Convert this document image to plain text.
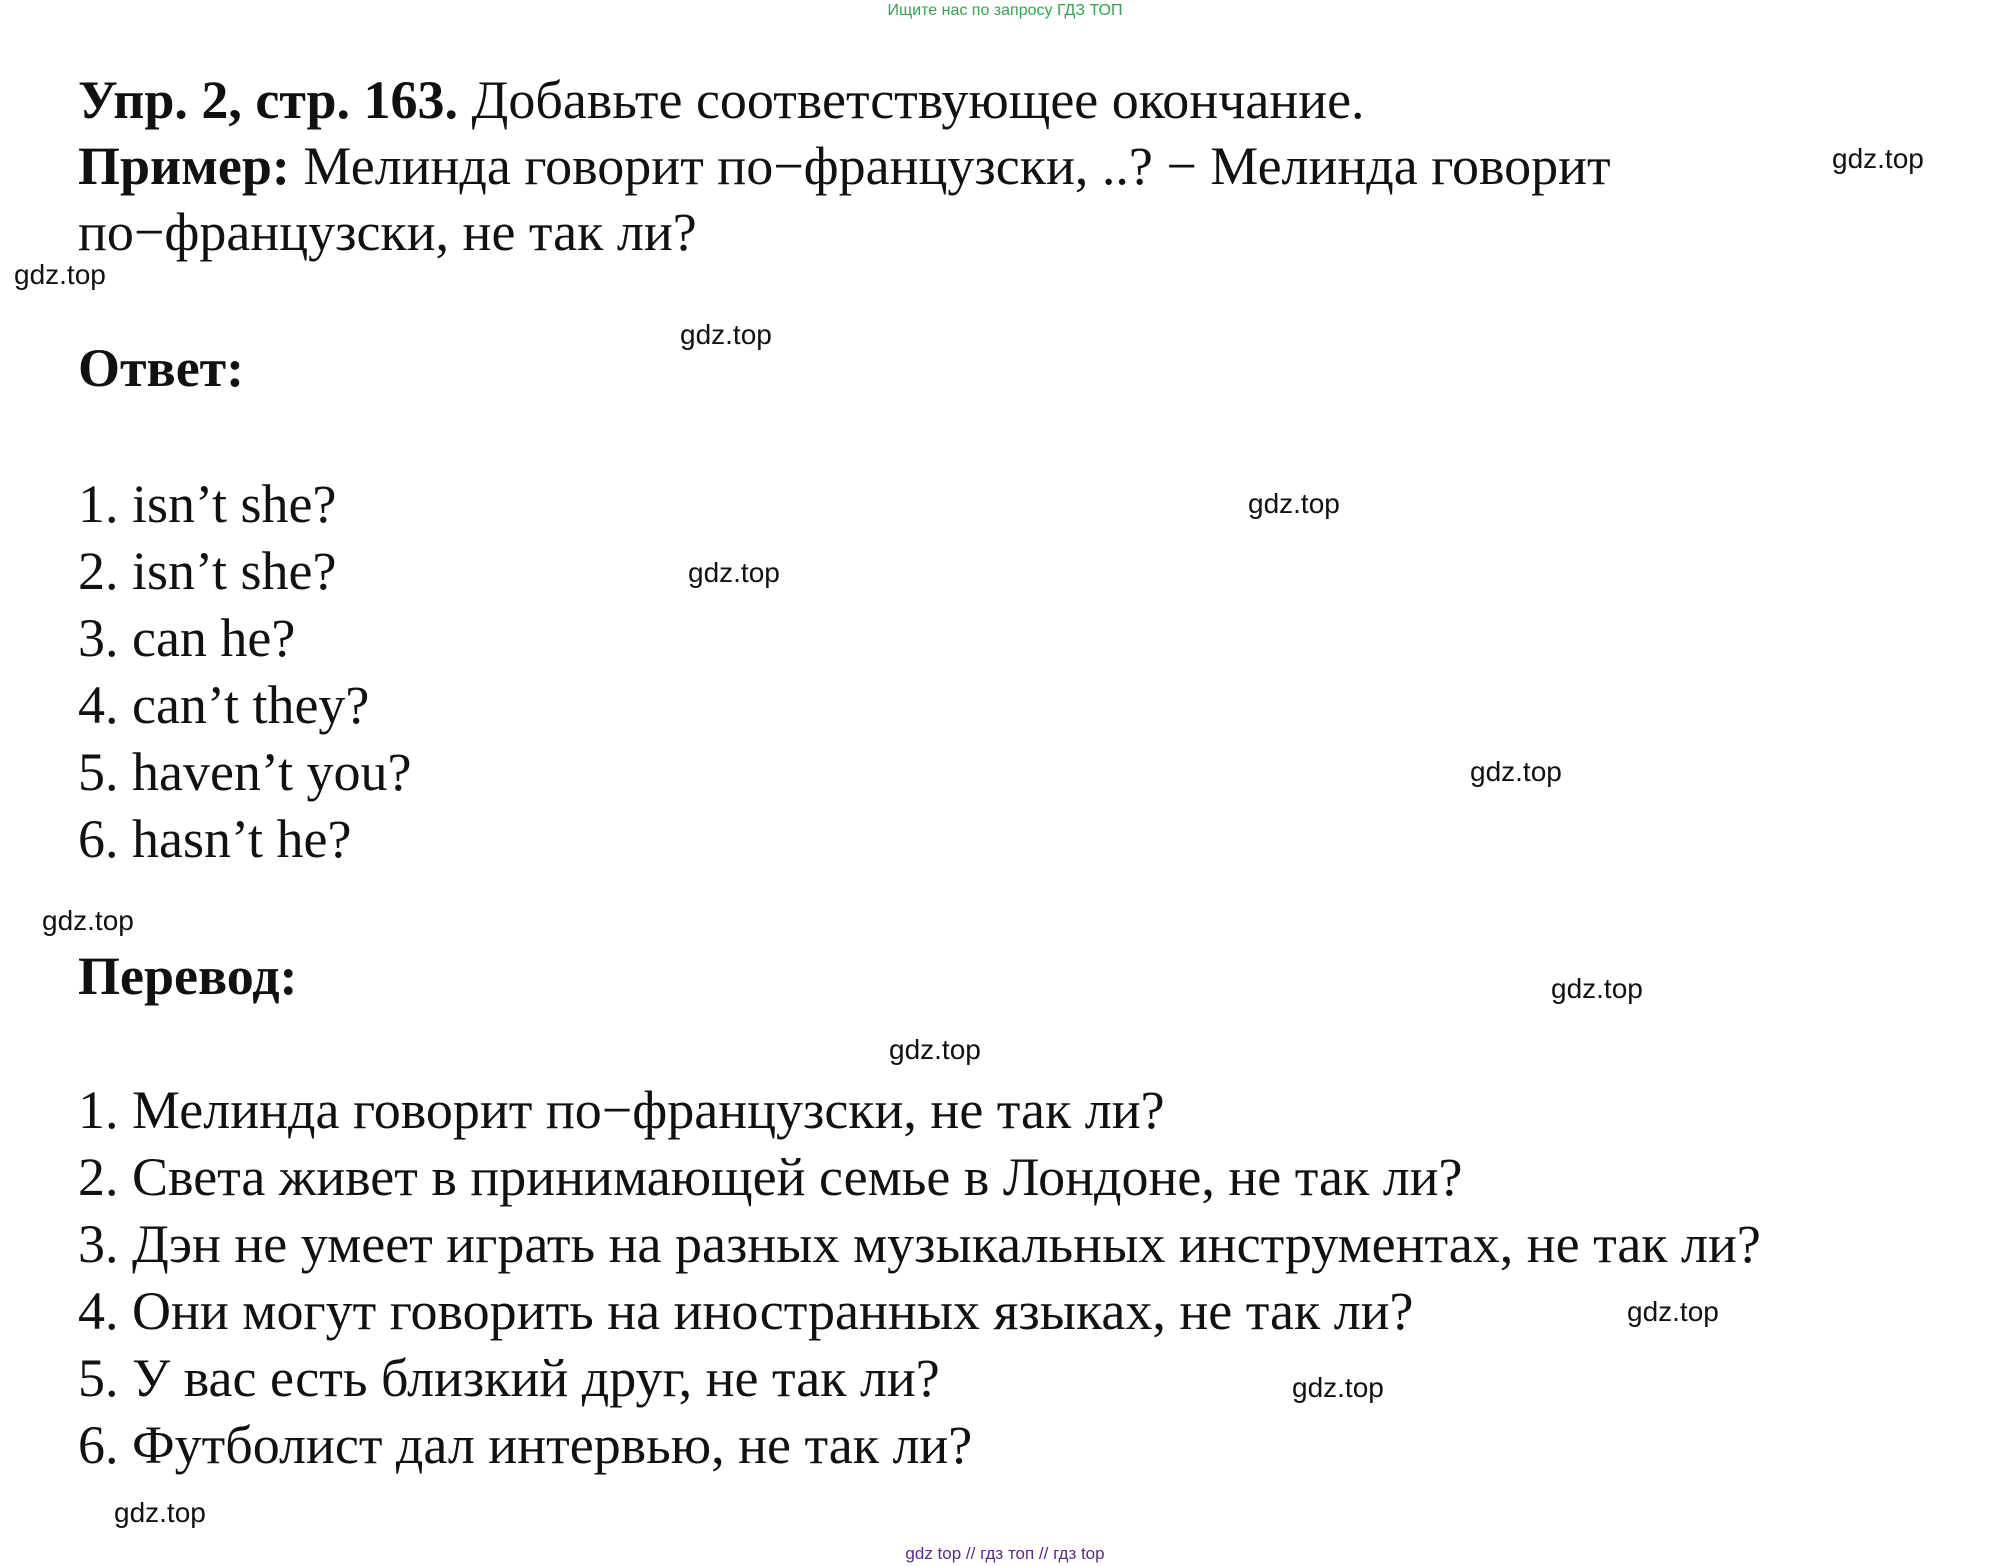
Ищите нас по запросу ГДЗ ТОП
Упр. 2, стр. 163. Добавьте соответствующее окончание.
Пример: Мелинда говорит по−французски, ..? − Мелинда говорит
по−французски, не так ли?
Ответ:
1. isn’t she?
2. isn’t she?
3. can he?
4. can’t they?
5. haven’t you?
6. hasn’t he?
Перевод:
1. Мелинда говорит по−французски, не так ли?
2. Света живет в принимающей семье в Лондоне, не так ли?
3. Дэн не умеет играть на разных музыкальных инструментах, не так ли?
4. Они могут говорить на иностранных языках, не так ли?
5. У вас есть близкий друг, не так ли?
6. Футболист дал интервью, не так ли?
gdz.top
gdz.top
gdz.top
gdz.top
gdz.top
gdz.top
gdz.top
gdz.top
gdz.top
gdz.top
gdz.top
gdz.top
gdz top // гдз топ // гдз top
